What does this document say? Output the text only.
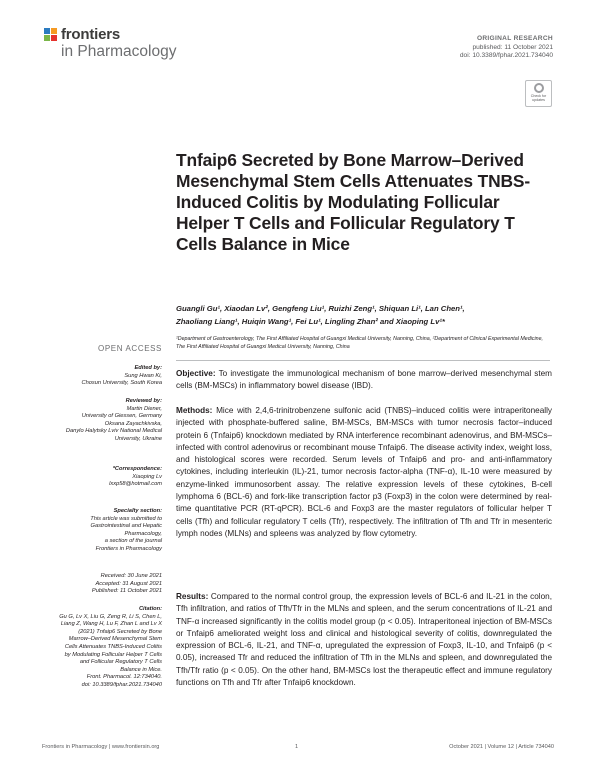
frontiers
in Pharmacology
ORIGINAL RESEARCH
published: 11 October 2021
doi: 10.3389/fphar.2021.734040
Check for updates
Tnfaip6 Secreted by Bone Marrow–Derived Mesenchymal Stem Cells Attenuates TNBS-Induced Colitis by Modulating Follicular Helper T Cells and Follicular Regulatory T Cells Balance in Mice
Guangli Gu¹, Xiaodan Lv², Gengfeng Liu¹, Ruizhi Zeng¹, Shiquan Li¹, Lan Chen¹,
Zhaoliang Liang¹, Huiqin Wang¹, Fei Lu¹, Lingling Zhan² and Xiaoping Lv¹*
¹Department of Gastroenterology, The First Affiliated Hospital of Guangxi Medical University, Nanning, China, ²Department of Clinical Experimental Medicine, The First Affiliated Hospital of Guangxi Medical University, Nanning, China
OPEN ACCESS
Edited by:
Sung Hwan Ki,
Chosun University, South Korea
Reviewed by:
Martin Diener,
University of Giessen, Germany
Oksana Zayachkivska,
Danylo Halytsky Lviv National Medical
University, Ukraine
*Correspondence:
Xiaoping Lv
lxxp58@hotmail.com
Specialty section:
This article was submitted to
Gastrointestinal and Hepatic
Pharmacology,
a section of the journal
Frontiers in Pharmacology
Received: 30 June 2021
Accepted: 31 August 2021
Published: 11 October 2021
Citation:
Gu G, Lv X, Liu G, Zeng R, Li S, Chen L,
Liang Z, Wang H, Lu F, Zhan L and Lv X
(2021) Tnfaip6 Secreted by Bone
Marrow–Derived Mesenchymal Stem
Cells Attenuates TNBS-Induced Colitis
by Modulating Follicular Helper T Cells
and Follicular Regulatory T Cells
Balance in Mice.
Front. Pharmacol. 12:734040.
doi: 10.3389/fphar.2021.734040
Objective: To investigate the immunological mechanism of bone marrow–derived mesenchymal stem cells (BM-MSCs) in inflammatory bowel disease (IBD).
Methods: Mice with 2,4,6-trinitrobenzene sulfonic acid (TNBS)–induced colitis were intraperitoneally injected with phosphate-buffered saline, BM-MSCs, BM-MSCs with tumor necrosis factor–induced protein 6 (Tnfaip6) knockdown mediated by RNA interference recombinant adenovirus, and BM-MSCs–infected with control adenovirus or recombinant mouse Tnfaip6. The disease activity index, weight loss, and histological scores were recorded. Serum levels of Tnfaip6 and pro- and anti-inflammatory cytokines, including interleukin (IL)-21, tumor necrosis factor-alpha (TNF-α), IL-10 were measured by enzyme-linked immunosorbent assay. The relative expression levels of these cytokines, B-cell lymphoma 6 (BCL-6) and fork-like transcription factor p3 (Foxp3) in the colon were determined by real-time quantitative PCR (RT-qPCR). BCL-6 and Foxp3 are the master regulators of follicular helper T cells (Tfh) and follicular regulatory T cells (Tfr), respectively. The infiltration of Tfh and Tfr in mesenteric lymph nodes (MLNs) and spleens was analyzed by flow cytometry.
Results: Compared to the normal control group, the expression levels of BCL-6 and IL-21 in the colon, Tfh infiltration, and ratios of Tfh/Tfr in the MLNs and spleen, and the serum concentrations of IL-21 and TNF-α increased significantly in the colitis model group (p < 0.05). Intraperitoneal injection of BM-MSCs or Tnfaip6 ameliorated weight loss and clinical and histological severity of colitis, downregulated the expression of BCL-6, IL-21, and TNF-α, upregulated the expression of Foxp3, IL-10, and Tnfaip6 (p < 0.05), increased Tfr and reduced the infiltration of Tfh in the MLNs and spleen, and downregulated the Tfh/Tfr ratio (p < 0.05). On the other hand, BM-MSCs lost the therapeutic effect and immune regulatory functions on Tfh and Tfr after Tnfaip6 knockdown.
Frontiers in Pharmacology | www.frontiersin.org	1	October 2021 | Volume 12 | Article 734040
